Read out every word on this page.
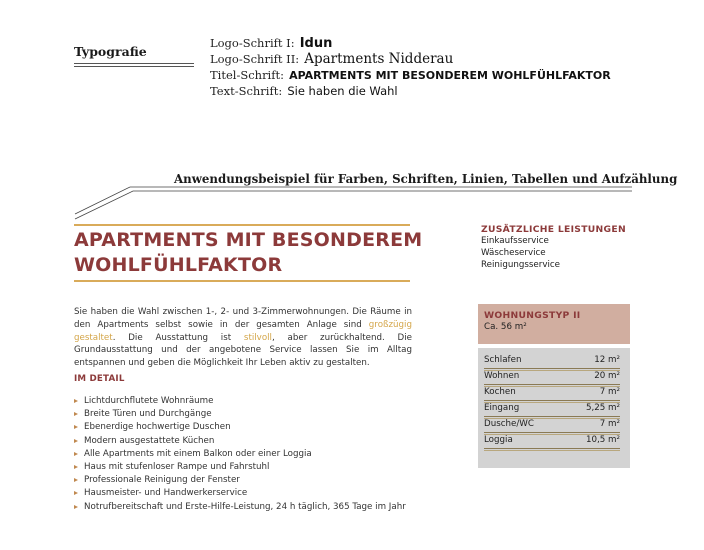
Typografie
Logo-Schrift I: Idun
Logo-Schrift II: Apartments Nidderau
Titel-Schrift: APARTMENTS MIT BESONDEREM WOHLFÜHLFAKTOR
Text-Schrift: Sie haben die Wahl
Anwendungsbeispiel für Farben, Schriften, Linien, Tabellen und Aufzählung
APARTMENTS MIT BESONDEREM
WOHLFÜHLFAKTOR

Sie haben die Wahl zwischen 1-, 2- und 3-Zimmerwohnungen. Die Räume in den Apartments selbst sowie in der gesamten Anlage sind großzügig gestaltet. Die Ausstattung ist stilvoll, aber zurückhaltend. Die Grundausstattung und der angebotene Service lassen Sie im Alltag entspannen und geben die Möglichkeit Ihr Leben aktiv zu gestalten.

IM DETAIL
Lichtdurchflutete Wohnräume
Breite Türen und Durchgänge
Ebenerdige hochwertige Duschen
Modern ausgestattete Küchen
Alle Apartments mit einem Balkon oder einer Loggia
Haus mit stufenloser Rampe und Fahrstuhl
Professionale Reinigung der Fenster
Hausmeister- und Handwerkerservice
Notrufbereitschaft und Erste-Hilfe-Leistung, 24 h täglich, 365 Tage im Jahr
ZUSÄTZLICHE LEISTUNGEN
Einkaufsservice
Wäscheservice
Reinigungsservice
WOHNUNGSTYP II
Ca. 56 m²
Schlafen	12 m²
Wohnen	20 m²
Kochen	7 m²
Eingang	5,25 m²
Dusche/WC	7 m²
Loggia	10,5 m²
